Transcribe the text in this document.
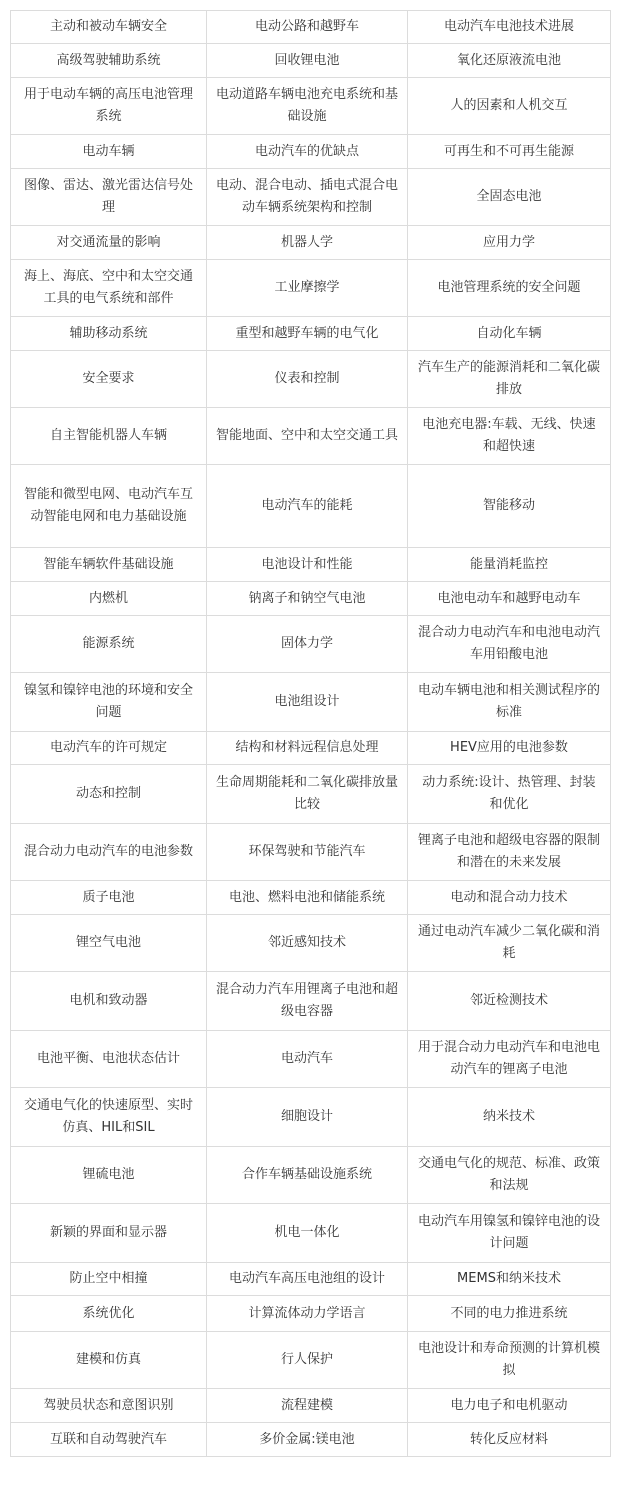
主动和被动车辆安全	电动公路和越野车	电动汽车电池技术进展
高级驾驶辅助系统	回收锂电池	氧化还原液流电池
用于电动车辆的高压电池管理系统	电动道路车辆电池充电系统和基础设施	人的因素和人机交互
电动车辆	电动汽车的优缺点	可再生和不可再生能源
图像、雷达、激光雷达信号处理	电动、混合电动、插电式混合电动车辆系统架构和控制	全固态电池
对交通流量的影响	机器人学	应用力学
海上、海底、空中和太空交通工具的电气系统和部件	工业摩擦学	电池管理系统的安全问题
辅助移动系统	重型和越野车辆的电气化	自动化车辆
安全要求	仪表和控制	汽车生产的能源消耗和二氧化碳排放
自主智能机器人车辆	智能地面、空中和太空交通工具	电池充电器:车载、无线、快速和超快速
智能和微型电网、电动汽车互动智能电网和电力基础设施	电动汽车的能耗	智能移动
智能车辆软件基础设施	电池设计和性能	能量消耗监控
内燃机	钠离子和钠空气电池	电池电动车和越野电动车
能源系统	固体力学	混合动力电动汽车和电池电动汽车用铅酸电池
镍氢和镍锌电池的环境和安全问题	电池组设计	电动车辆电池和相关测试程序的标准
电动汽车的许可规定	结构和材料远程信息处理	HEV应用的电池参数
动态和控制	生命周期能耗和二氧化碳排放量比较	动力系统:设计、热管理、封装和优化
混合动力电动汽车的电池参数	环保驾驶和节能汽车	锂离子电池和超级电容器的限制和潜在的未来发展
质子电池	电池、燃料电池和储能系统	电动和混合动力技术
锂空气电池	邻近感知技术	通过电动汽车减少二氧化碳和消耗
电机和致动器	混合动力汽车用锂离子电池和超级电容器	邻近检测技术
电池平衡、电池状态估计	电动汽车	用于混合动力电动汽车和电池电动汽车的锂离子电池
交通电气化的快速原型、实时仿真、HIL和SIL	细胞设计	纳米技术
锂硫电池	合作车辆基础设施系统	交通电气化的规范、标准、政策和法规
新颖的界面和显示器	机电一体化	电动汽车用镍氢和镍锌电池的设计问题
防止空中相撞	电动汽车高压电池组的设计	MEMS和纳米技术
系统优化	计算流体动力学语言	不同的电力推进系统
建模和仿真	行人保护	电池设计和寿命预测的计算机模拟
驾驶员状态和意图识别	流程建模	电力电子和电机驱动
互联和自动驾驶汽车	多价金属:镁电池	转化反应材料
